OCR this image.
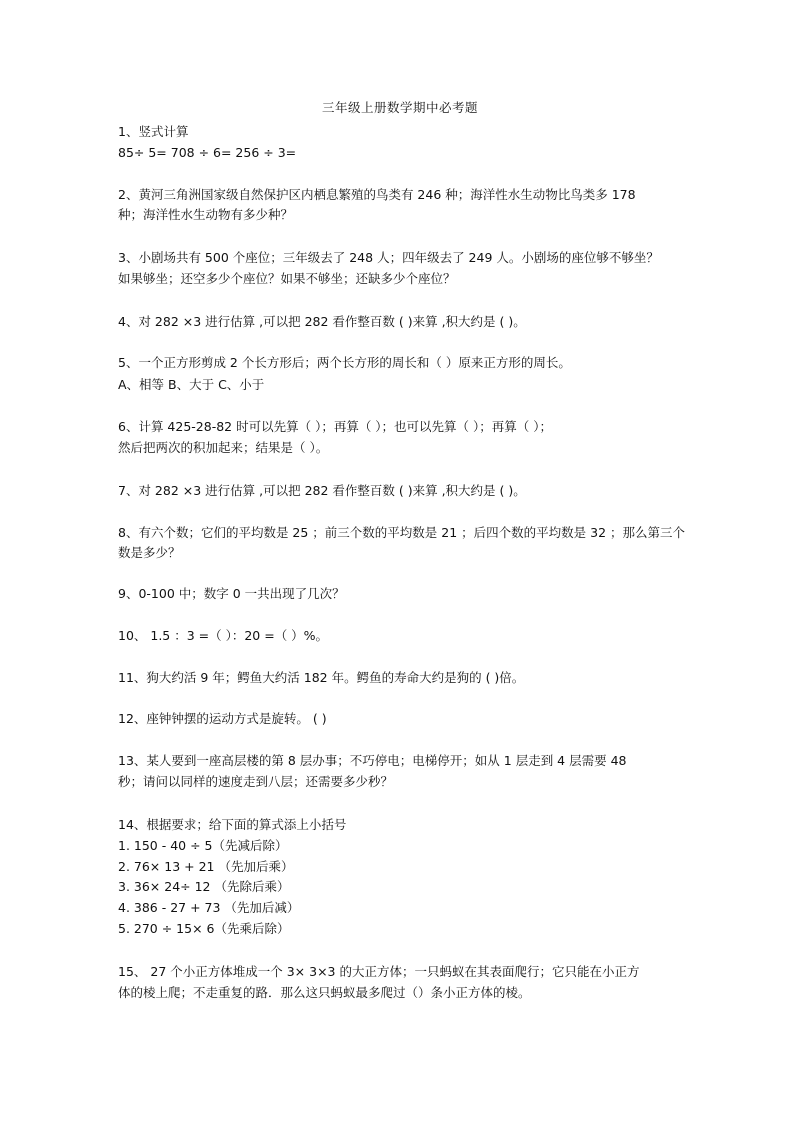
三年级上册数学期中必考题
1、竖式计算
85÷ 5= 708 ÷ 6= 256 ÷ 3=
2、黄河三角洲国家级自然保护区内栖息繁殖的鸟类有 246 种；海洋性水生动物比鸟类多 178
种；海洋性水生动物有多少种？
3、小剧场共有 500 个座位；三年级去了 248 人；四年级去了 249 人。小剧场的座位够不够坐？
如果够坐；还空多少个座位？如果不够坐；还缺多少个座位？
4、对 282 ×3 进行估算 ,可以把 282 看作整百数 ( )来算 ,积大约是 ( )。
5、一个正方形剪成 2 个长方形后；两个长方形的周长和（ ）原来正方形的周长。
A、相等 B、大于 C、小于
6、计算 425-28-82 时可以先算（ ）；再算（ ）；也可以先算（ ）；再算（ ）；
然后把两次的积加起来；结果是（ ）。
7、对 282 ×3 进行估算 ,可以把 282 看作整百数 ( )来算 ,积大约是 ( )。
8、有六个数；它们的平均数是 25 ；前三个数的平均数是 21 ；后四个数的平均数是 32 ；那么第三个
数是多少？
9、0-100 中；数字 0 一共出现了几次？
10、 1.5 ：3 =（ ）：20 =（ ）%。
11、狗大约活 9 年；鳄鱼大约活 182 年。鳄鱼的寿命大约是狗的 ( )倍。
12、座钟钟摆的运动方式是旋转。 ( )
13、某人要到一座高层楼的第 8 层办事；不巧停电；电梯停开；如从 1 层走到 4 层需要 48
秒；请问以同样的速度走到八层；还需要多少秒？
14、根据要求；给下面的算式添上小括号
1. 150 - 40 ÷ 5（先减后除）
2. 76× 13 + 21 （先加后乘）
3. 36× 24÷ 12 （先除后乘）
4. 386 - 27 + 73 （先加后减）
5. 270 ÷ 15× 6（先乘后除）
15、 27 个小正方体堆成一个 3× 3×3 的大正方体；一只蚂蚁在其表面爬行；它只能在小正方
体的棱上爬；不走重复的路．那么这只蚂蚁最多爬过（）条小正方体的棱。
